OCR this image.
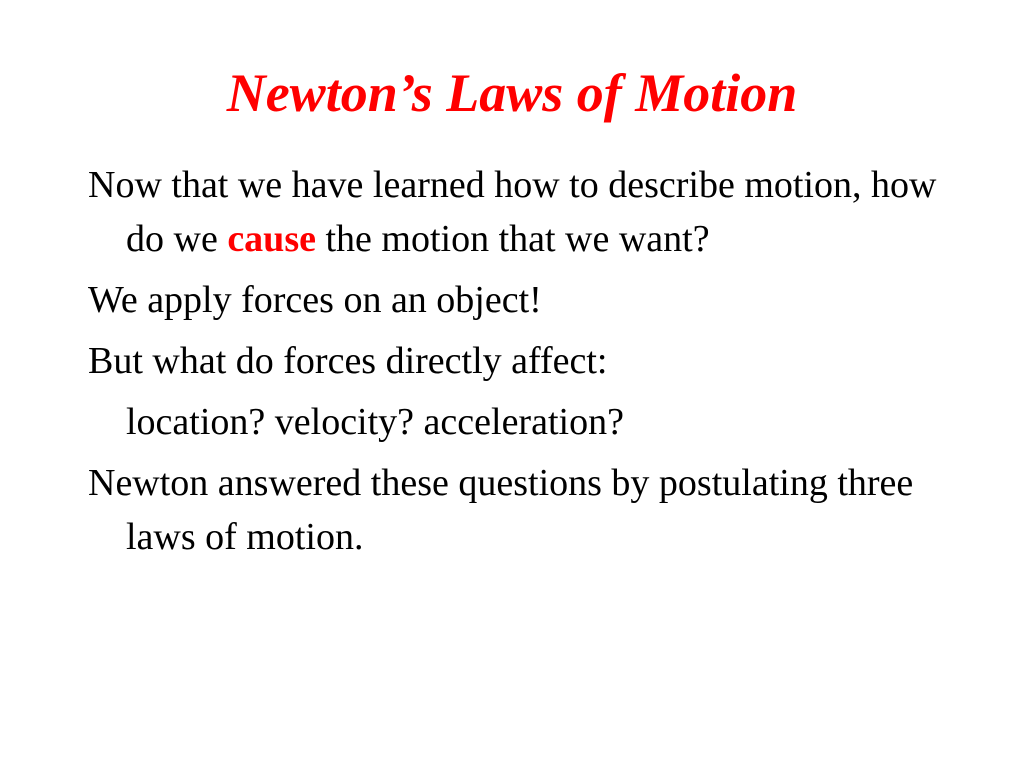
Newton’s Laws of Motion

Now that we have learned how to describe motion, how do we cause the motion that we want?

We apply forces on an object!

But what do forces directly affect:

location? velocity? acceleration?

Newton answered these questions by postulating three laws of motion.
